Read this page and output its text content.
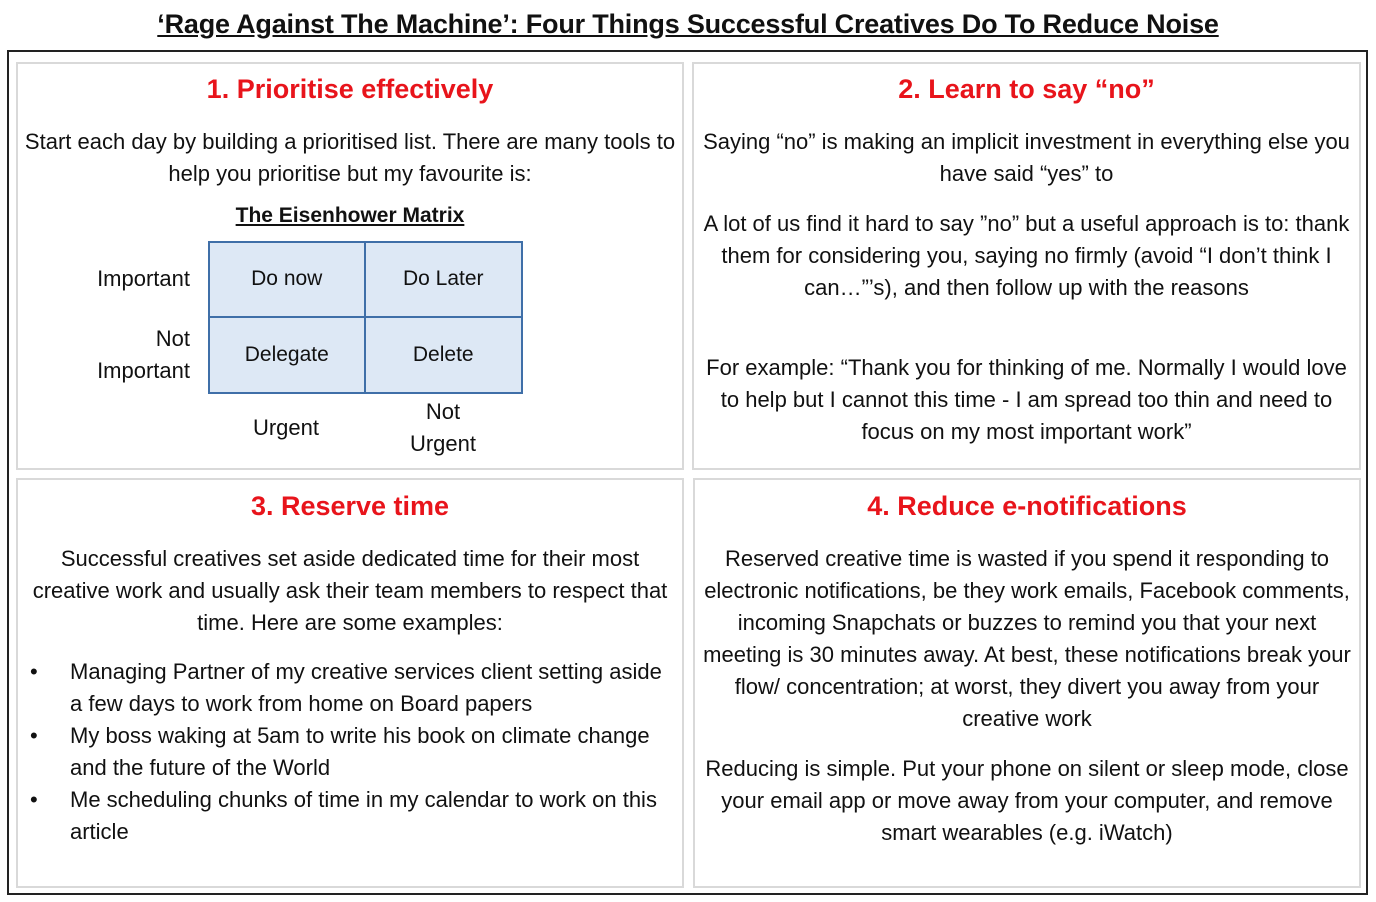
‘Rage Against The Machine’: Four Things Successful Creatives Do To Reduce Noise
1. Prioritise effectively

Start each day by building a prioritised list. There are many tools to help you prioritise but my favourite is:

The Eisenhower Matrix
Do now	Do Later
Delegate	Delete
Important
Not Important
Urgent
Not Urgent
2. Learn to say “no”

Saying “no” is making an implicit investment in everything else you have said “yes” to

A lot of us find it hard to say ”no” but a useful approach is to: thank them for considering you, saying no firmly (avoid “I don’t think I can…”’s), and then follow up with the reasons

For example: “Thank you for thinking of me. Normally I would love to help but I cannot this time - I am spread too thin and need to focus on my most important work”

3. Reserve time

Successful creatives set aside dedicated time for their most creative work and usually ask their team members to respect that time. Here are some examples:

• Managing Partner of my creative services client setting aside a few days to work from home on Board papers
• My boss waking at 5am to write his book on climate change and the future of the World
• Me scheduling chunks of time in my calendar to work on this article
4. Reduce e-notifications

Reserved creative time is wasted if you spend it responding to electronic notifications, be they work emails, Facebook comments, incoming Snapchats or buzzes to remind you that your next meeting is 30 minutes away. At best, these notifications break your flow/ concentration; at worst, they divert you away from your creative work

Reducing is simple. Put your phone on silent or sleep mode, close your email app or move away from your computer, and remove smart wearables (e.g. iWatch)
